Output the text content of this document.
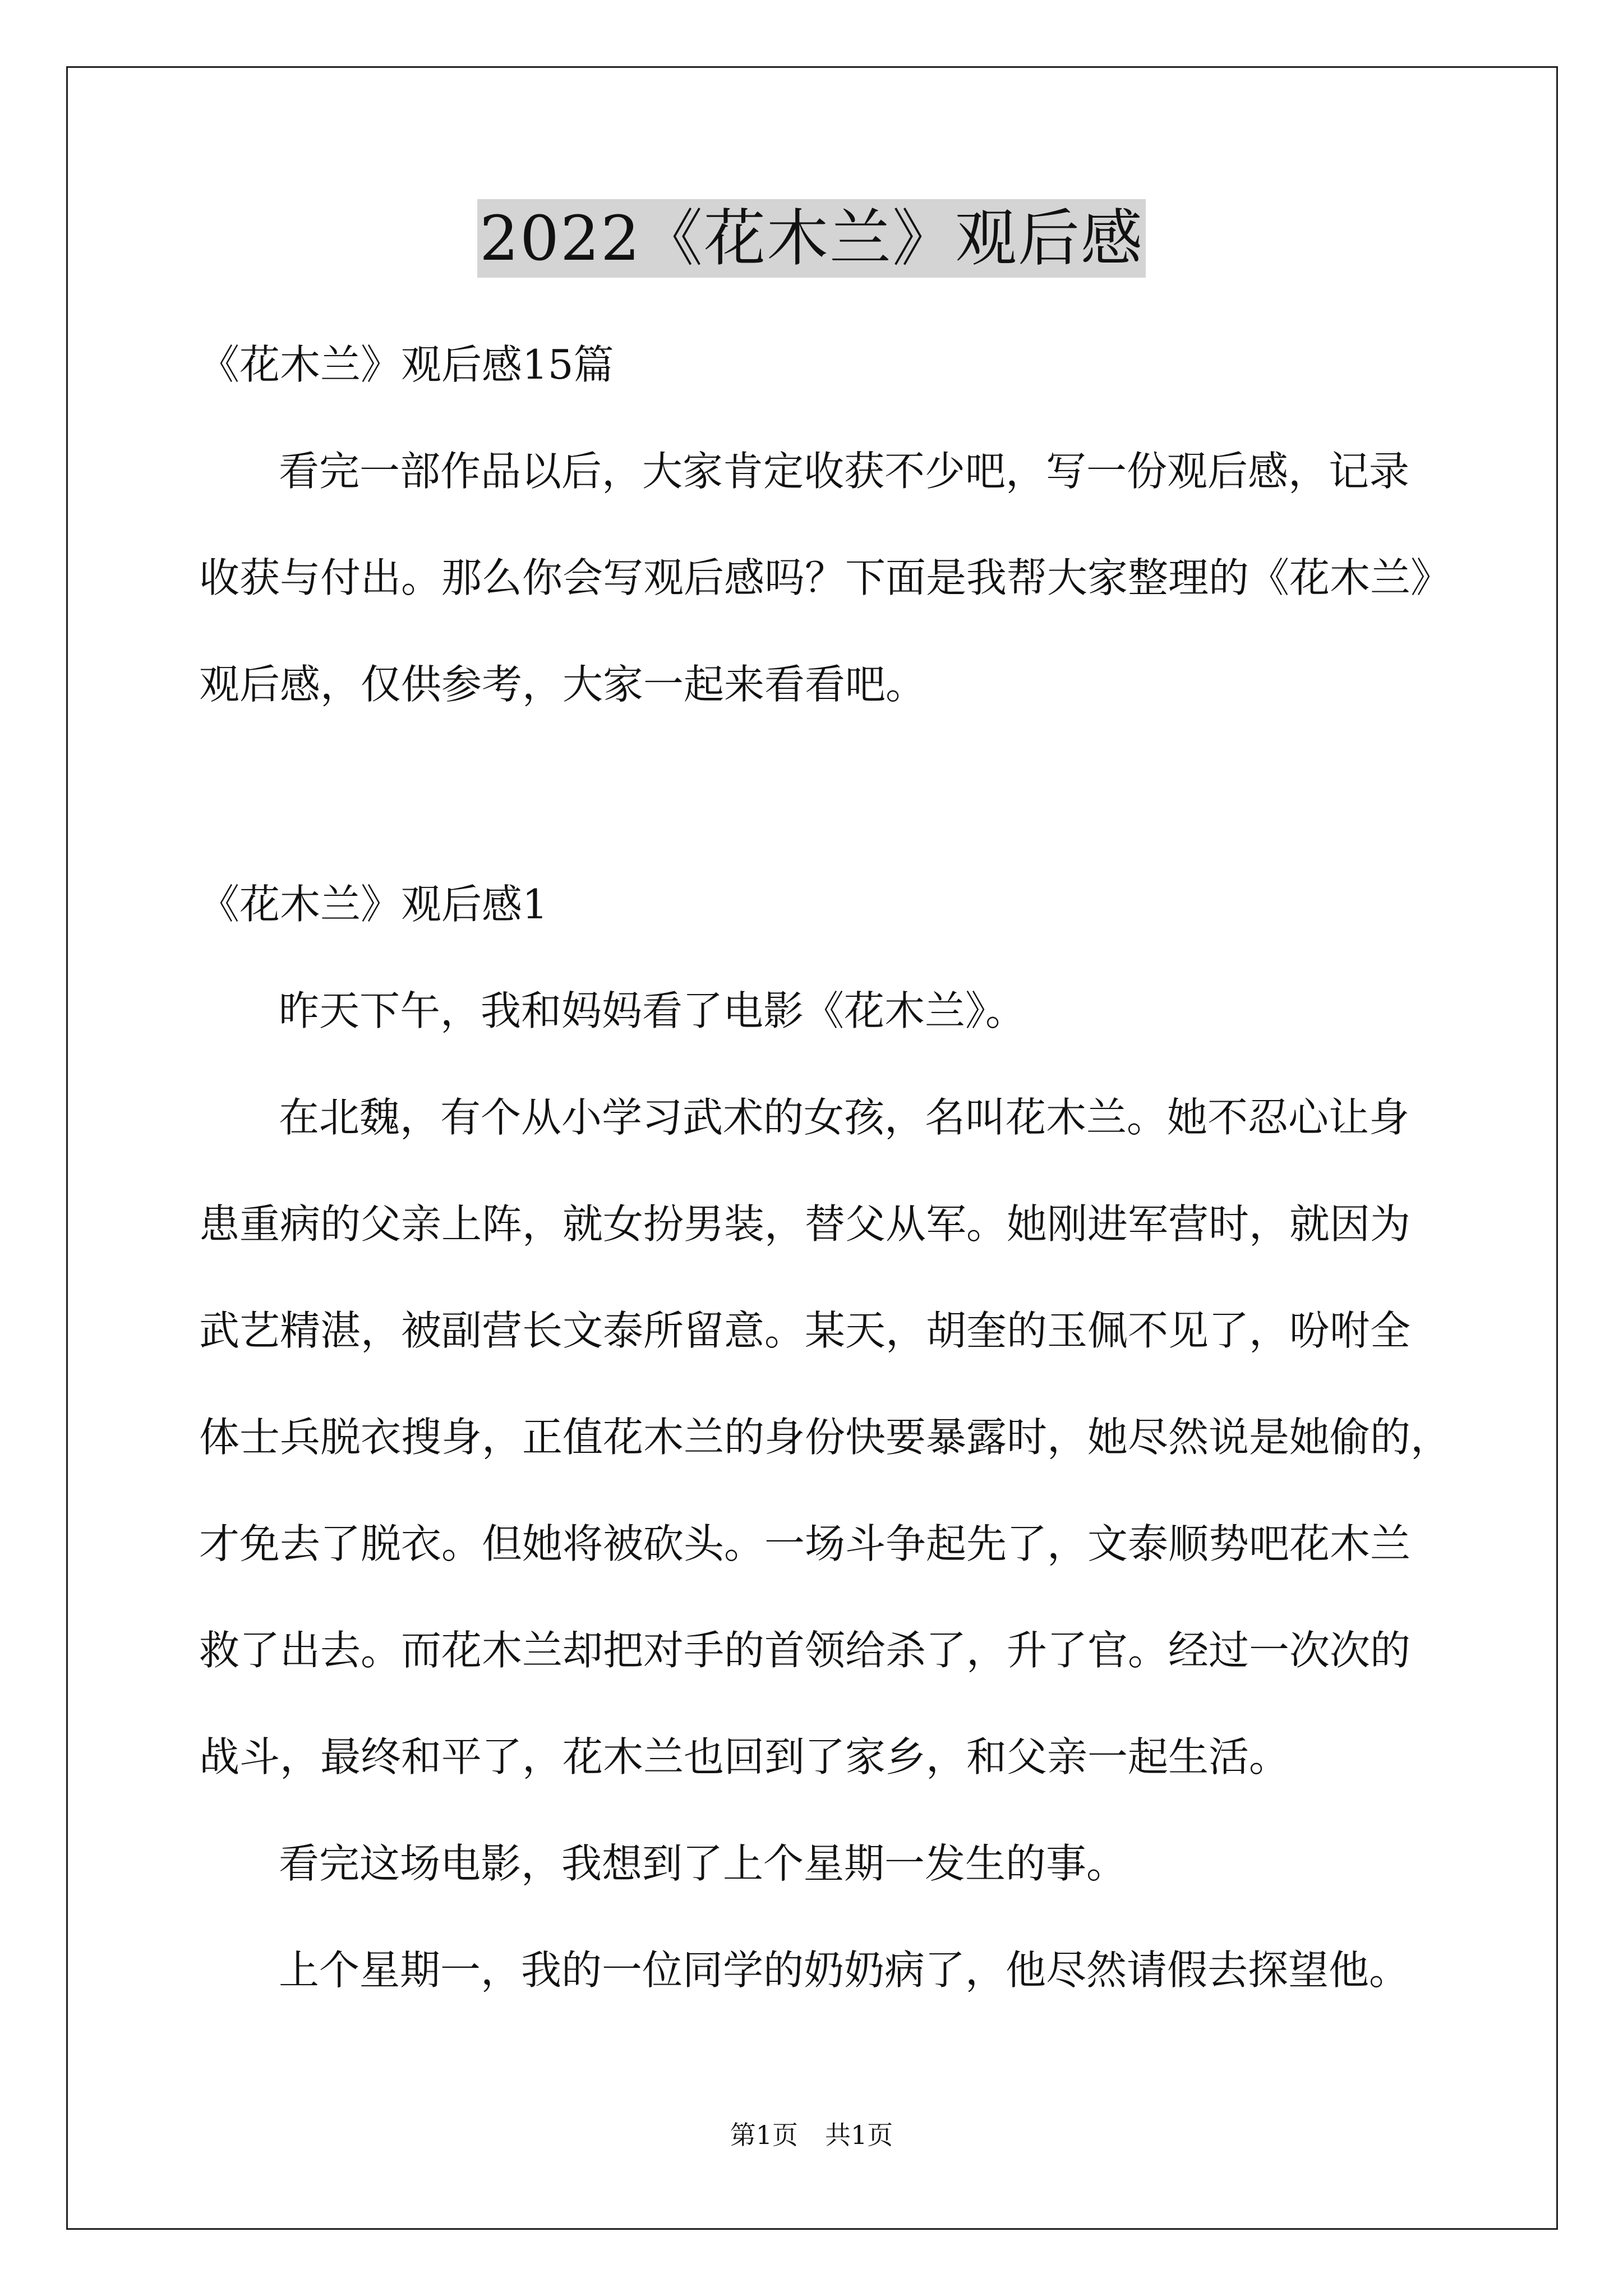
2022《花木兰》观后感
《花木兰》观后感15篇
看完一部作品以后，大家肯定收获不少吧，写一份观后感，记录
收获与付出。那么你会写观后感吗？下面是我帮大家整理的《花木兰》
观后感，仅供参考，大家一起来看看吧。
《花木兰》观后感1
昨天下午，我和妈妈看了电影《花木兰》。
在北魏，有个从小学习武术的女孩，名叫花木兰。她不忍心让身
患重病的父亲上阵，就女扮男装，替父从军。她刚进军营时，就因为
武艺精湛，被副营长文泰所留意。某天，胡奎的玉佩不见了，吩咐全
体士兵脱衣搜身，正值花木兰的身份快要暴露时，她尽然说是她偷的，
才免去了脱衣。但她将被砍头。一场斗争起先了，文泰顺势吧花木兰
救了出去。而花木兰却把对手的首领给杀了，升了官。经过一次次的
战斗，最终和平了，花木兰也回到了家乡，和父亲一起生活。
看完这场电影，我想到了上个星期一发生的事。
上个星期一，我的一位同学的奶奶病了，他尽然请假去探望他。
第1页 共1页
